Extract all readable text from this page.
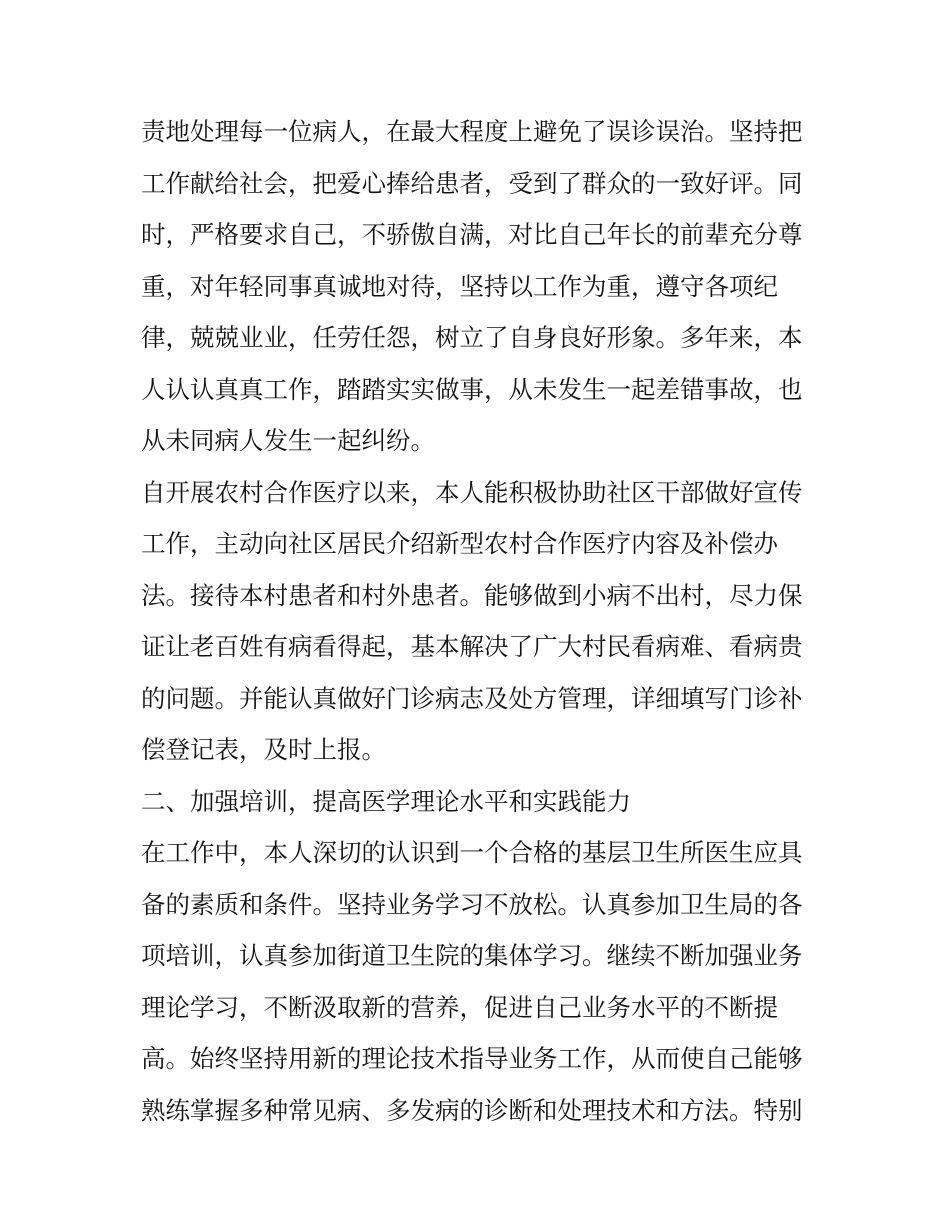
责地处理每一位病人，在最大程度上避免了误诊误治。坚持把
工作献给社会，把爱心捧给患者，受到了群众的一致好评。同
时，严格要求自己，不骄傲自满，对比自己年长的前辈充分尊
重，对年轻同事真诚地对待，坚持以工作为重，遵守各项纪
律，兢兢业业，任劳任怨，树立了自身良好形象。多年来，本
人认认真真工作，踏踏实实做事，从未发生一起差错事故，也
从未同病人发生一起纠纷。
自开展农村合作医疗以来，本人能积极协助社区干部做好宣传
工作，主动向社区居民介绍新型农村合作医疗内容及补偿办
法。接待本村患者和村外患者。能够做到小病不出村，尽力保
证让老百姓有病看得起，基本解决了广大村民看病难、看病贵
的问题。并能认真做好门诊病志及处方管理，详细填写门诊补
偿登记表，及时上报。
二、加强培训，提高医学理论水平和实践能力
在工作中，本人深切的认识到一个合格的基层卫生所医生应具
备的素质和条件。坚持业务学习不放松。认真参加卫生局的各
项培训，认真参加街道卫生院的集体学习。继续不断加强业务
理论学习，不断汲取新的营养，促进自己业务水平的不断提
高。始终坚持用新的理论技术指导业务工作，从而使自己能够
熟练掌握多种常见病、多发病的诊断和处理技术和方法。特别
